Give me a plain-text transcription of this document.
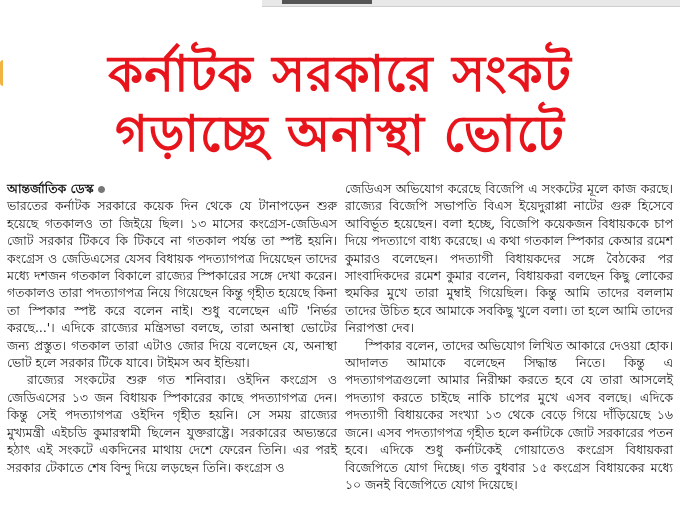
কর্নাটক সরকারে সংকট
গড়াচ্ছে অনাস্থা ভোটে

আন্তর্জাতিক ডেস্ক

ভারতের কর্নাটক সরকারে কয়েক দিন থেকে যে টানাপড়েন শুরু হয়েছে গতকালও তা জিইয়ে ছিল। ১৩ মাসের কংগ্রেস-জেডিএস জোট সরকার টিকবে কি টিকবে না গতকাল পর্যন্ত তা স্পষ্ট হয়নি। কংগ্রেস ও জেডিএসের যেসব বিধায়ক পদত্যাগপত্র দিয়েছেন তাদের মধ্যে দশজন গতকাল বিকালে রাজ্যের স্পিকারের সঙ্গে দেখা করেন। গতকালও তারা পদত্যাগপত্র নিয়ে গিয়েছেন কিন্তু গৃহীত হয়েছে কিনা তা স্পিকার স্পষ্ট করে বলেন নাই। শুধু বলেছেন এটি 'নির্ভর করছে...'। এদিকে রাজ্যের মন্ত্রিসভা বলছে, তারা অনাস্থা ভোটের জন্য প্রস্তুত। গতকাল তারা এটাও জোর দিয়ে বলেছেন যে, অনাস্থা ভোট হলে সরকার টিকে যাবে। টাইমস অব ইন্ডিয়া।

রাজ্যের সংকটের শুরু গত শনিবার। ওইদিন কংগ্রেস ও জেডিএসের ১৩ জন বিধায়ক স্পিকারের কাছে পদত্যাগপত্র দেন। কিন্তু সেই পদত্যাগপত্র ওইদিন গৃহীত হয়নি। সে সময় রাজ্যের মুখ্যমন্ত্রী এইচডি কুমারস্বামী ছিলেন যুক্তরাষ্ট্রে। সরকারের অভ্যন্তরে হঠাৎ এই সংকটে একদিনের মাথায় দেশে ফেরেন তিনি। এর পরই সরকার টেকাতে শেষ বিন্দু দিয়ে লড়ছেন তিনি। কংগ্রেস ও

জেডিএস অভিযোগ করেছে বিজেপি এ সংকটের মূলে কাজ করছে। রাজ্যের বিজেপি সভাপতি বিএস ইয়েদুরাপ্পা নাটের গুরু হিসেবে আবির্ভূত হয়েছেন। বলা হচ্ছে, বিজেপি কয়েকজন বিধায়ককে চাপ দিয়ে পদত্যাগে বাধ্য করেছে। এ কথা গতকাল স্পিকার কেআর রমেশ কুমারও বলেছেন। পদত্যাগী বিধায়কদের সঙ্গে বৈঠকের পর সাংবাদিকদের রমেশ কুমার বলেন, বিধায়করা বলছেন কিছু লোকের হুমকির মুখে তারা মুম্বাই গিয়েছিল। কিন্তু আমি তাদের বললাম তাদের উচিত হবে আমাকে সবকিছু খুলে বলা। তা হলে আমি তাদের নিরাপত্তা দেব।

স্পিকার বলেন, তাদের অভিযোগ লিখিত আকারে দেওয়া হোক। আদালত আমাকে বলেছেন সিদ্ধান্ত নিতে। কিন্তু এ পদত্যাগপত্রগুলো আমার নিরীক্ষা করতে হবে যে তারা আসলেই পদত্যাগ করতে চাইছে নাকি চাপের মুখে এসব বলছে। এদিকে পদত্যাগী বিধায়কের সংখ্যা ১৩ থেকে বেড়ে গিয়ে দাঁড়িয়েছে ১৬ জনে। এসব পদত্যাগপত্র গৃহীত হলে কর্নাটকে জোট সরকারের পতন হবে। এদিকে শুধু কর্নাটকেই গোয়াতেও কংগ্রেস বিধায়করা বিজেপিতে যোগ দিচ্ছে। গত বুধবার ১৫ কংগ্রেস বিধায়কের মধ্যে ১০ জনই বিজেপিতে যোগ দিয়েছে।
